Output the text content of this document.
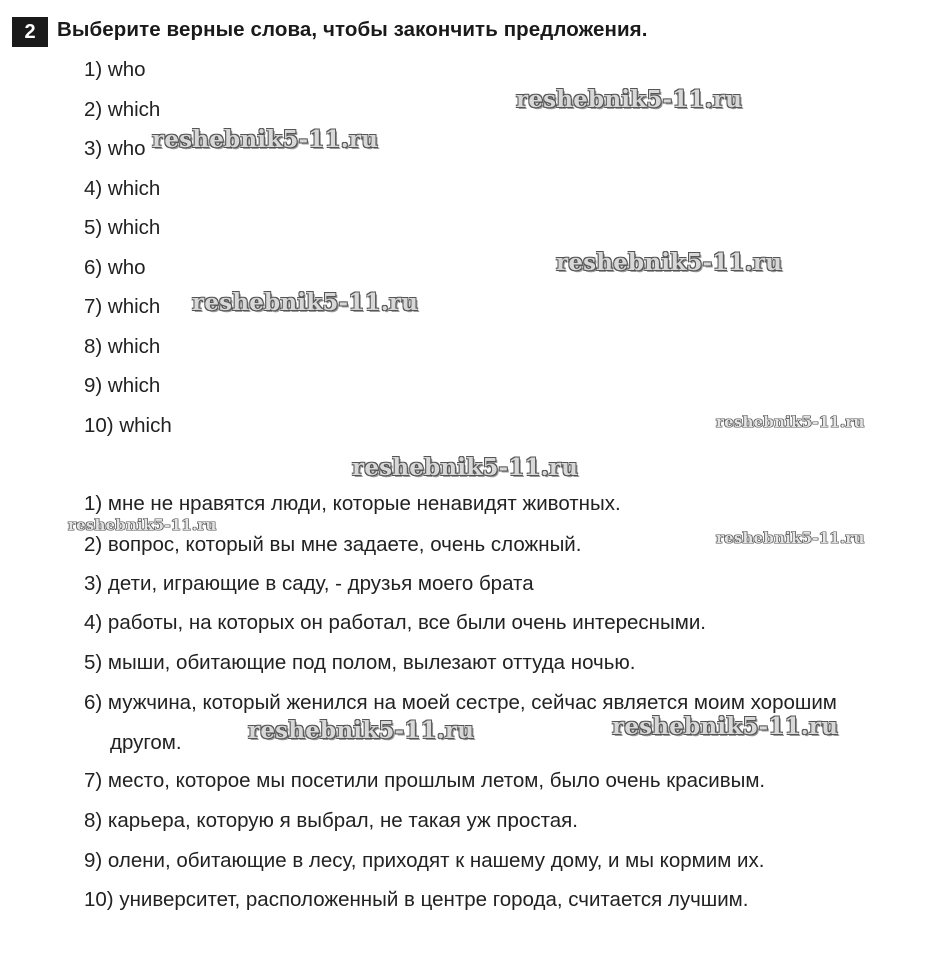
2	Выберите верные слова, чтобы закончить предложения.
1) who
2) which
3) who
4) which
5) which
6) who
7) which
8) which
9) which
10) which
1) мне не нравятся люди, которые ненавидят животных.
2) вопрос, который вы мне задаете, очень сложный.
3) дети, играющие в саду, - друзья моего брата
4) работы, на которых он работал, все были очень интересными.
5) мыши, обитающие под полом, вылезают оттуда ночью.
6) мужчина, который женился на моей сестре, сейчас является моим хорошим
другом.
7) место, которое мы посетили прошлым летом, было очень красивым.
8) карьера, которую я выбрал, не такая уж простая.
9) олени, обитающие в лесу, приходят к нашему дому, и мы кормим их.
10) университет, расположенный в центре города, считается лучшим.
reshebnik5-11.ru
reshebnik5-11.ru
reshebnik5-11.ru
reshebnik5-11.ru
reshebnik5-11.ru
reshebnik5-11.ru
reshebnik5-11.ru
reshebnik5-11.ru
reshebnik5-11.ru	reshebnik5-11.ru
